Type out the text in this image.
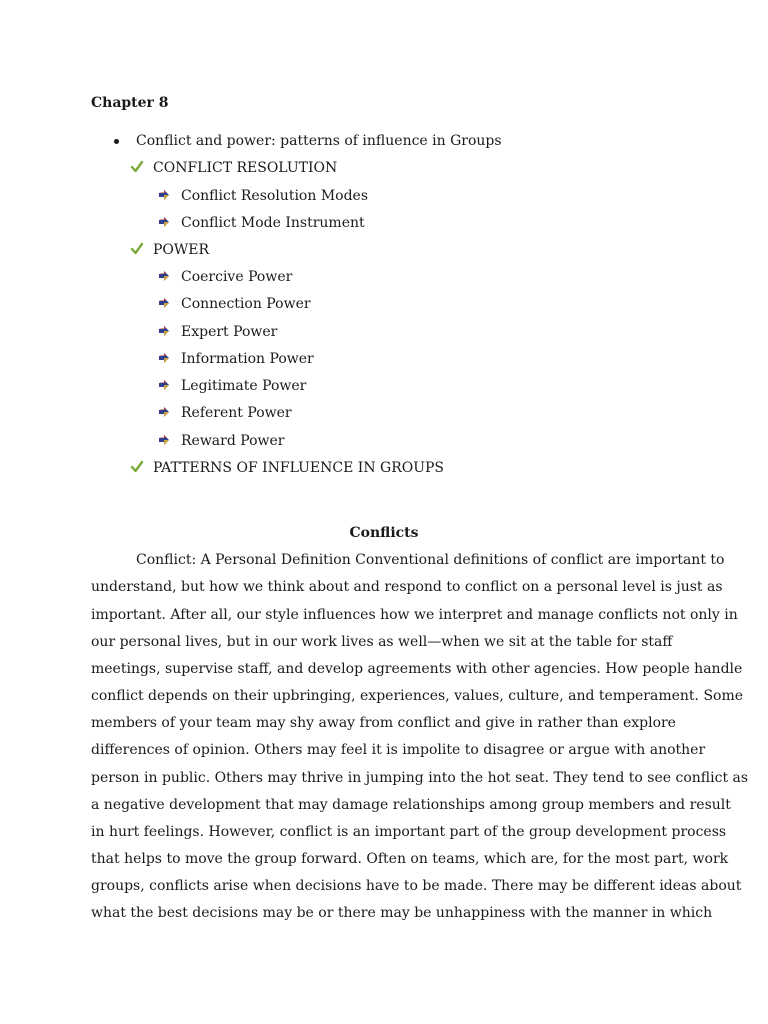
Chapter 8
Conflict and power: patterns of influence in Groups
CONFLICT RESOLUTION
Conflict Resolution Modes
Conflict Mode Instrument
POWER
Coercive Power
Connection Power
Expert Power
Information Power
Legitimate Power
Referent Power
Reward Power
PATTERNS OF INFLUENCE IN GROUPS
Conflicts
Conflict: A Personal Definition Conventional definitions of conflict are important to
understand, but how we think about and respond to conflict on a personal level is just as
important. After all, our style influences how we interpret and manage conflicts not only in
our personal lives, but in our work lives as well—when we sit at the table for staff
meetings, supervise staff, and develop agreements with other agencies. How people handle
conflict depends on their upbringing, experiences, values, culture, and temperament. Some
members of your team may shy away from conflict and give in rather than explore
differences of opinion. Others may feel it is impolite to disagree or argue with another
person in public. Others may thrive in jumping into the hot seat. They tend to see conflict as
a negative development that may damage relationships among group members and result
in hurt feelings. However, conflict is an important part of the group development process
that helps to move the group forward. Often on teams, which are, for the most part, work
groups, conflicts arise when decisions have to be made. There may be different ideas about
what the best decisions may be or there may be unhappiness with the manner in which
